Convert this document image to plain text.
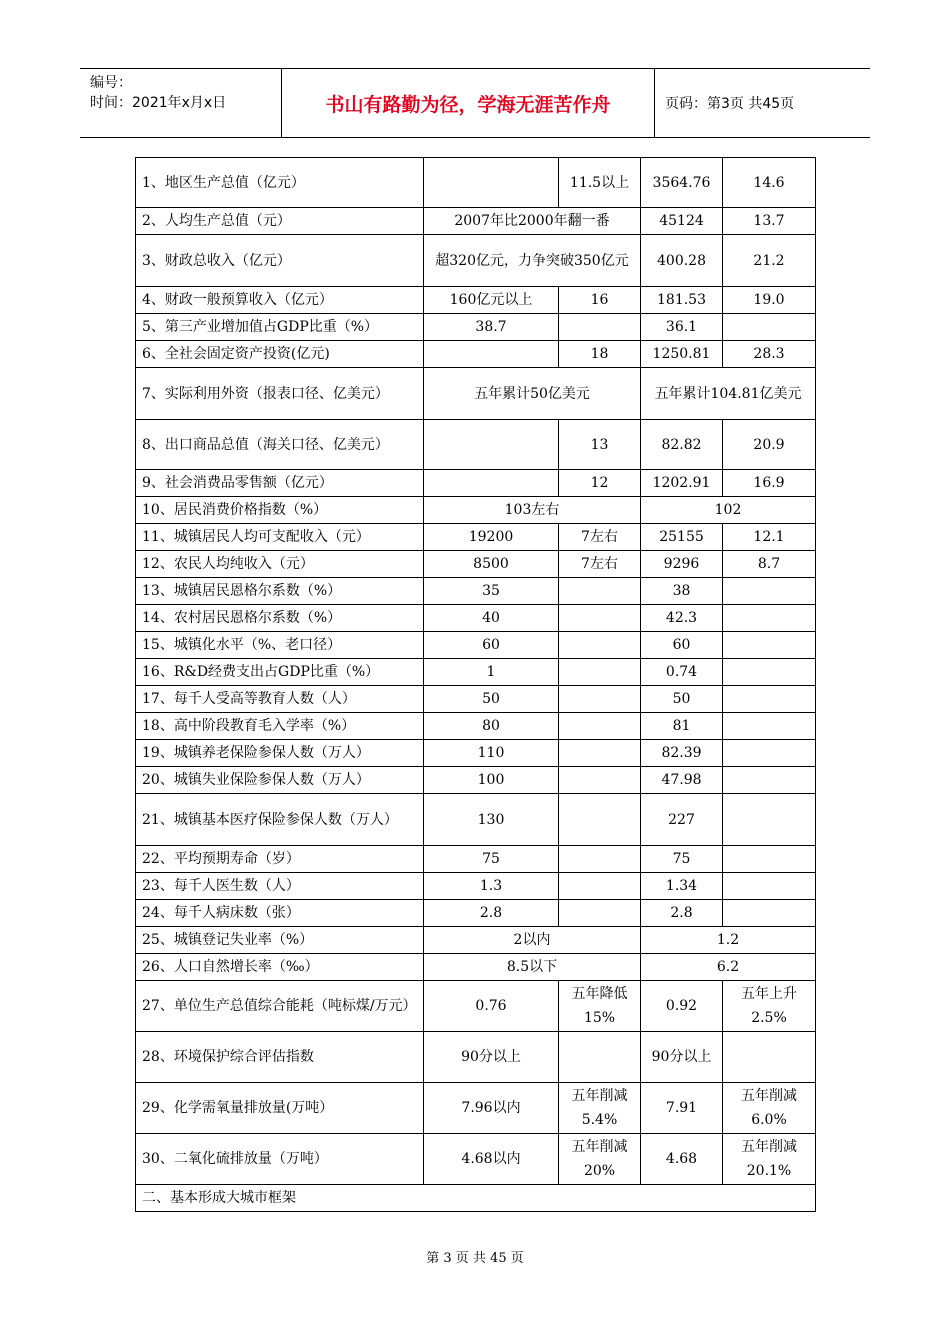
编号：
时间：2021年x月x日	书山有路勤为径，学海无涯苦作舟	页码：第3页 共45页
1、地区生产总值（亿元）		11.5以上	3564.76	14.6
2、人均生产总值（元）	2007年比2000年翻一番		45124	13.7
3、财政总收入（亿元）	超320亿元，力争突破350亿元		400.28	21.2
4、财政一般预算收入（亿元）	160亿元以上	16	181.53	19.0
5、第三产业增加值占GDP比重（%）	38.7		36.1	
6、全社会固定资产投资(亿元)		18	1250.81	28.3
7、实际利用外资（报表口径、亿美元）	五年累计50亿美元		五年累计104.81亿美元	
8、出口商品总值（海关口径、亿美元）		13	82.82	20.9
9、社会消费品零售额（亿元）		12	1202.91	16.9
10、居民消费价格指数（%）	103左右		102	
11、城镇居民人均可支配收入（元）	19200	7左右	25155	12.1
12、农民人均纯收入（元）	8500	7左右	9296	8.7
13、城镇居民恩格尔系数（%）	35		38	
14、农村居民恩格尔系数（%）	40		42.3	
15、城镇化水平（%、老口径）	60		60	
16、R&D经费支出占GDP比重（%）	1		0.74	
17、每千人受高等教育人数（人）	50		50	
18、高中阶段教育毛入学率（%）	80		81	
19、城镇养老保险参保人数（万人）	110		82.39	
20、城镇失业保险参保人数（万人）	100		47.98	
21、城镇基本医疗保险参保人数（万人）	130		227	
22、平均预期寿命（岁）	75		75	
23、每千人医生数（人）	1.3		1.34	
24、每千人病床数（张）	2.8		2.8	
25、城镇登记失业率（%）	2以内		1.2	
26、人口自然增长率（‰）	8.5以下		6.2	
27、单位生产总值综合能耗（吨标煤/万元）	0.76	五年降低15%	0.92	五年上升2.5%
28、环境保护综合评估指数	90分以上		90分以上	
29、化学需氧量排放量(万吨）	7.96以内	五年削减5.4%	7.91	五年削减6.0%
30、二氧化硫排放量（万吨）	4.68以内	五年削减20%	4.68	五年削减20.1%
二、基本形成大城市框架				
第 3 页 共 45 页
